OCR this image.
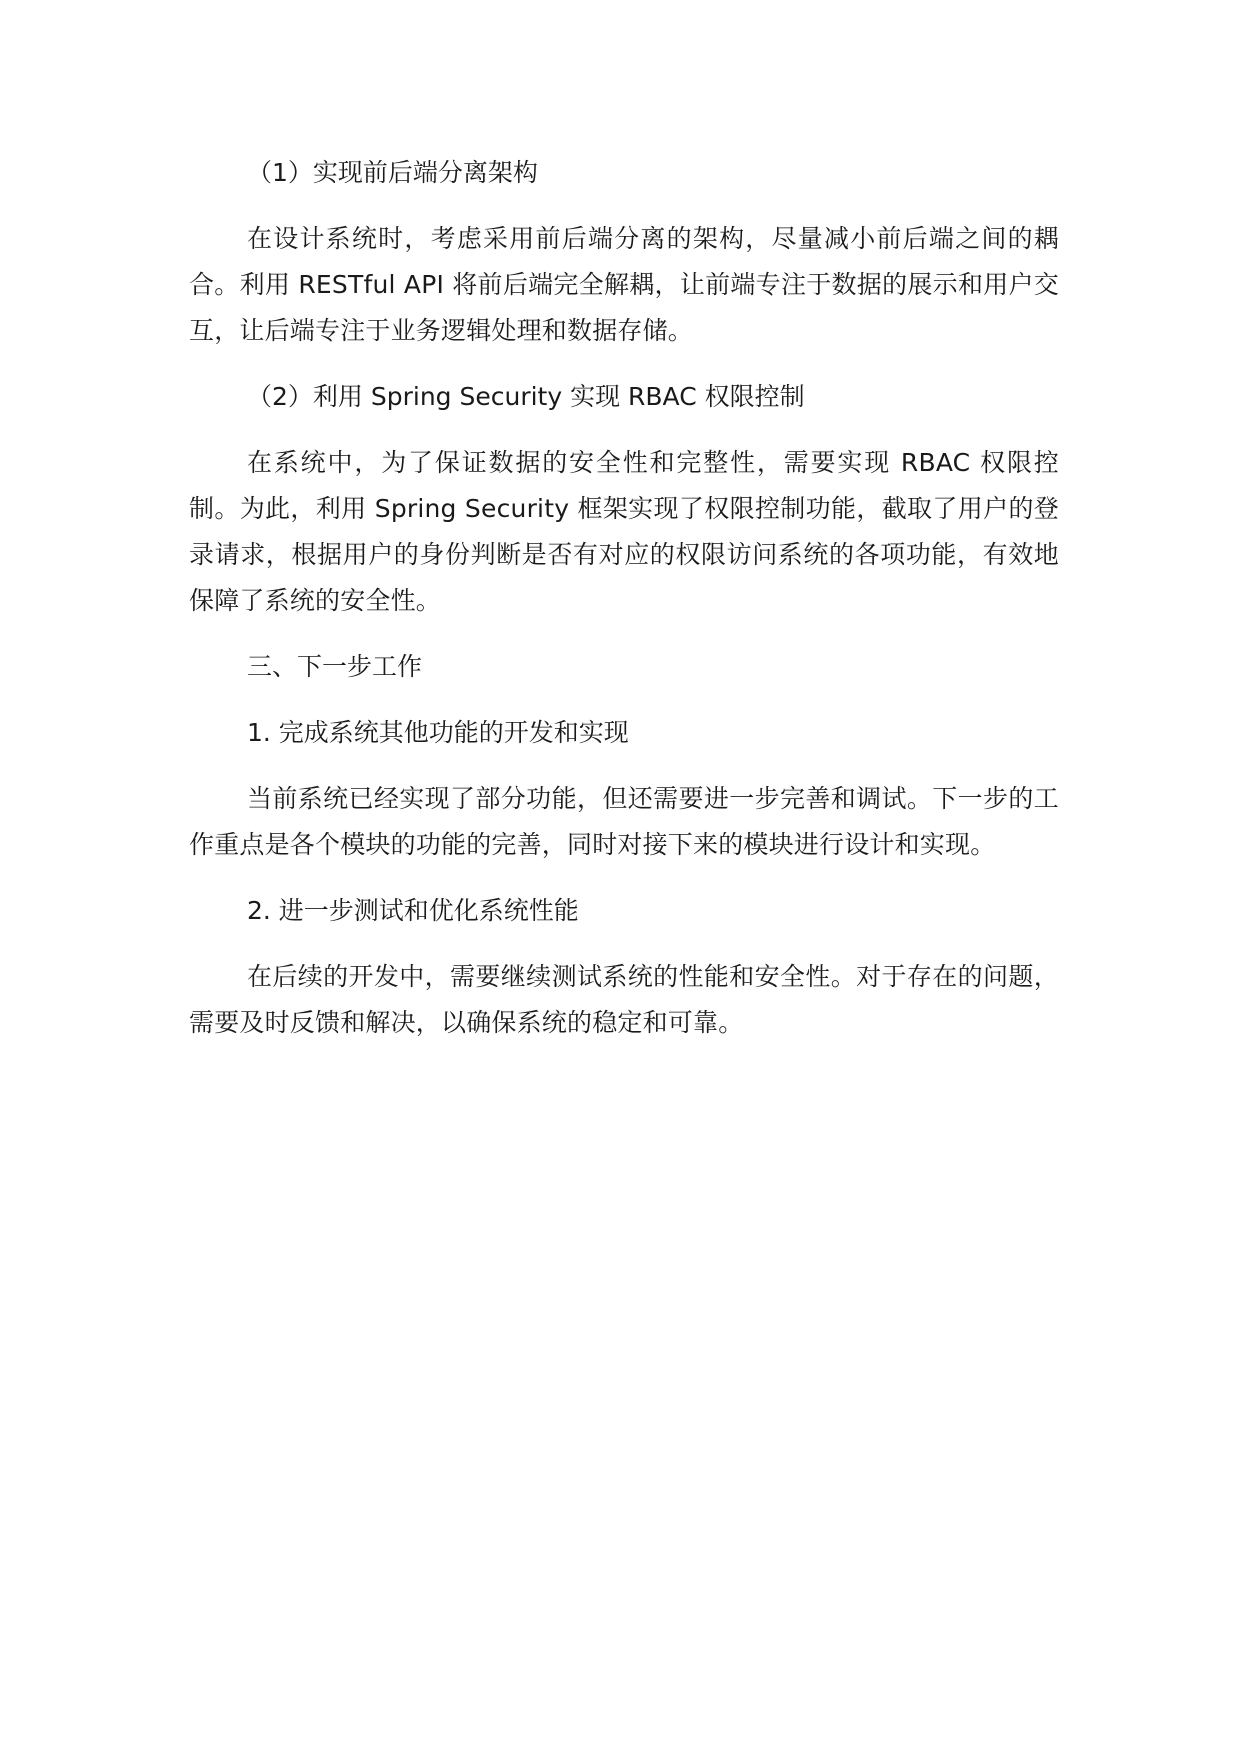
（1）实现前后端分离架构

在设计系统时，考虑采用前后端分离的架构，尽量减小前后端之间的耦合。利用 RESTful API 将前后端完全解耦，让前端专注于数据的展示和用户交互，让后端专注于业务逻辑处理和数据存储。

（2）利用 Spring Security 实现 RBAC 权限控制

在系统中，为了保证数据的安全性和完整性，需要实现 RBAC 权限控制。为此，利用 Spring Security 框架实现了权限控制功能，截取了用户的登录请求，根据用户的身份判断是否有对应的权限访问系统的各项功能，有效地保障了系统的安全性。

三、下一步工作

1. 完成系统其他功能的开发和实现

当前系统已经实现了部分功能，但还需要进一步完善和调试。下一步的工作重点是各个模块的功能的完善，同时对接下来的模块进行设计和实现。

2. 进一步测试和优化系统性能

在后续的开发中，需要继续测试系统的性能和安全性。对于存在的问题，需要及时反馈和解决，以确保系统的稳定和可靠。
